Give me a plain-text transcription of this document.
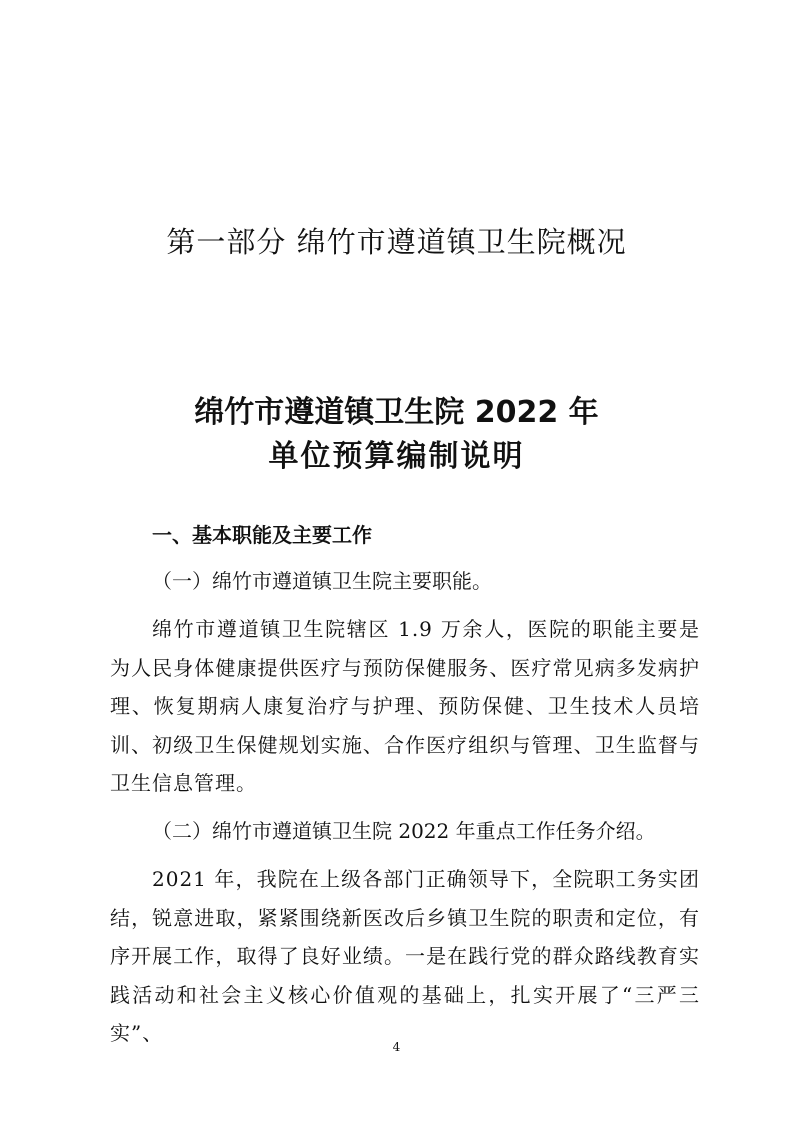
第一部分 绵竹市遵道镇卫生院概况
绵竹市遵道镇卫生院 2022 年
单位预算编制说明
一、基本职能及主要工作
（一）绵竹市遵道镇卫生院主要职能。
绵竹市遵道镇卫生院辖区 1.9 万余人，医院的职能主要是为人民身体健康提供医疗与预防保健服务、医疗常见病多发病护理、恢复期病人康复治疗与护理、预防保健、卫生技术人员培训、初级卫生保健规划实施、合作医疗组织与管理、卫生监督与卫生信息管理。
（二）绵竹市遵道镇卫生院 2022 年重点工作任务介绍。
2021 年，我院在上级各部门正确领导下，全院职工务实团结，锐意进取，紧紧围绕新医改后乡镇卫生院的职责和定位，有序开展工作，取得了良好业绩。一是在践行党的群众路线教育实践活动和社会主义核心价值观的基础上，扎实开展了“三严三实”、
4
